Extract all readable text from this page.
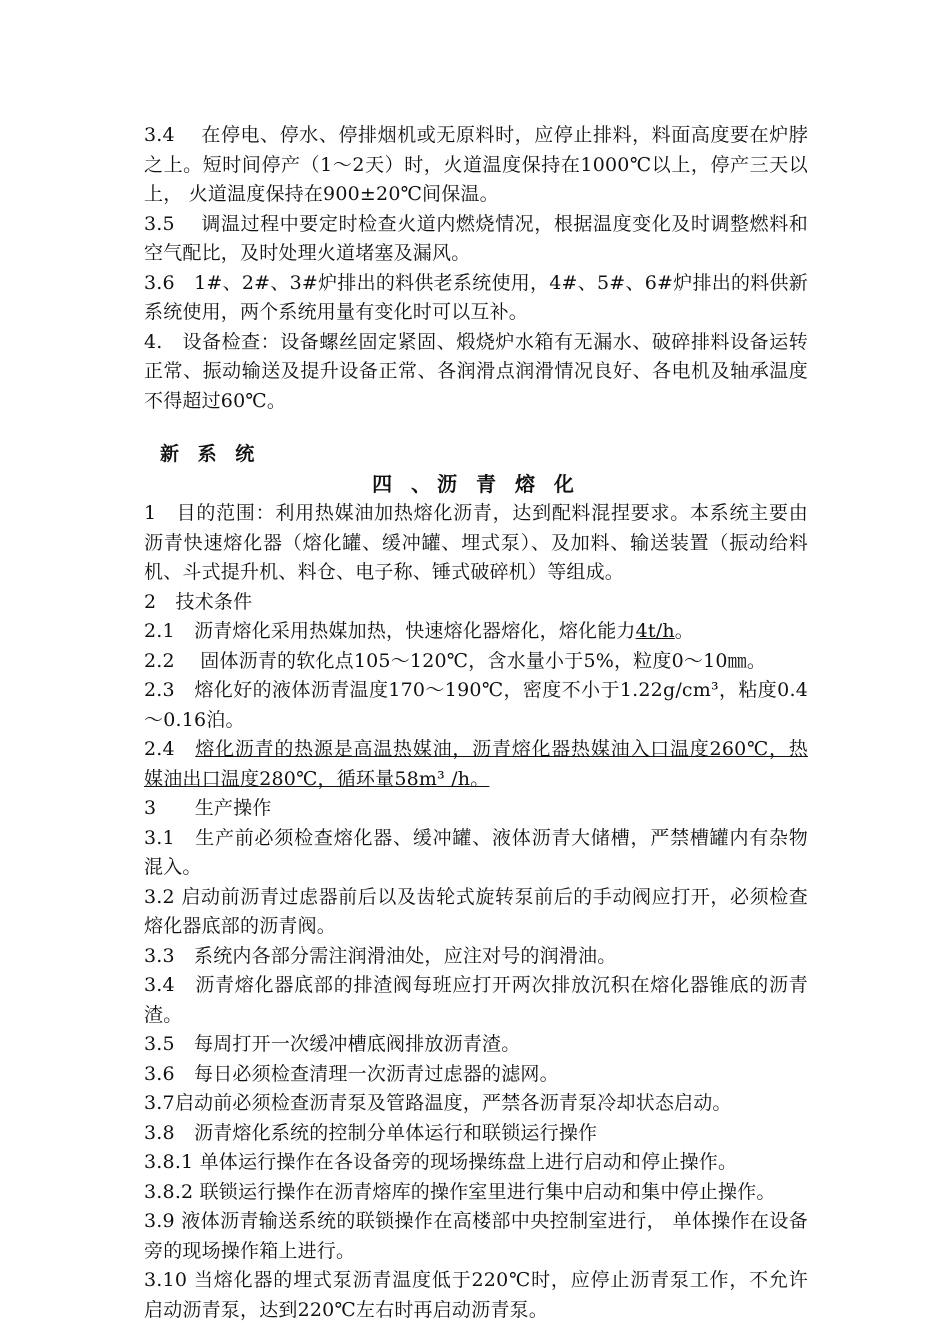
3.4　 在停电、停水、停排烟机或无原料时，应停止排料，料面高度要在炉脖之上。短时间停产（1～2天）时，火道温度保持在1000℃以上，停产三天以上， 火道温度保持在900±20℃间保温。

3.5　 调温过程中要定时检查火道内燃烧情况，根据温度变化及时调整燃料和空气配比，及时处理火道堵塞及漏风。

3.6　1#、2#、3#炉排出的料供老系统使用，4#、5#、6#炉排出的料供新系统使用，两个系统用量有变化时可以互补。

4.　设备检查：设备螺丝固定紧固、煅烧炉水箱有无漏水、破碎排料设备运转正常、振动输送及提升设备正常、各润滑点润滑情况良好、各电机及轴承温度不得超过60℃。

新 系 统

四 、沥 青 熔 化

1　目的范围：利用热媒油加热熔化沥青，达到配料混捏要求。本系统主要由沥青快速熔化器（熔化罐、缓冲罐、埋式泵）、及加料、输送装置（振动给料机、斗式提升机、料仓、电子称、锤式破碎机）等组成。

2　技术条件

2.1　沥青熔化采用热媒加热，快速熔化器熔化，熔化能力4t/h。

2.2　 固体沥青的软化点105～120℃，含水量小于5%，粒度0～10㎜。

2.3　熔化好的液体沥青温度170～190℃，密度不小于1.22g/cm³，粘度0.4～0.16泊。

2.4　熔化沥青的热源是高温热媒油，沥青熔化器热媒油入口温度260℃，热媒油出口温度280℃，循环量58m³ /h。

3　　生产操作

3.1　生产前必须检查熔化器、缓冲罐、液体沥青大储槽，严禁槽罐内有杂物混入。

3.2 启动前沥青过虑器前后以及齿轮式旋转泵前后的手动阀应打开，必须检查熔化器底部的沥青阀。

3.3　系统内各部分需注润滑油处，应注对号的润滑油。

3.4　沥青熔化器底部的排渣阀每班应打开两次排放沉积在熔化器锥底的沥青渣。

3.5　每周打开一次缓冲槽底阀排放沥青渣。

3.6　每日必须检查清理一次沥青过虑器的滤网。

3.7启动前必须检查沥青泵及管路温度，严禁各沥青泵冷却状态启动。

3.8　沥青熔化系统的控制分单体运行和联锁运行操作

3.8.1 单体运行操作在各设备旁的现场操练盘上进行启动和停止操作。

3.8.2 联锁运行操作在沥青熔库的操作室里进行集中启动和集中停止操作。

3.9 液体沥青输送系统的联锁操作在高楼部中央控制室进行， 单体操作在设备旁的现场操作箱上进行。

3.10 当熔化器的埋式泵沥青温度低于220℃时，应停止沥青泵工作，不允许启动沥青泵，达到220℃左右时再启动沥青泵。
